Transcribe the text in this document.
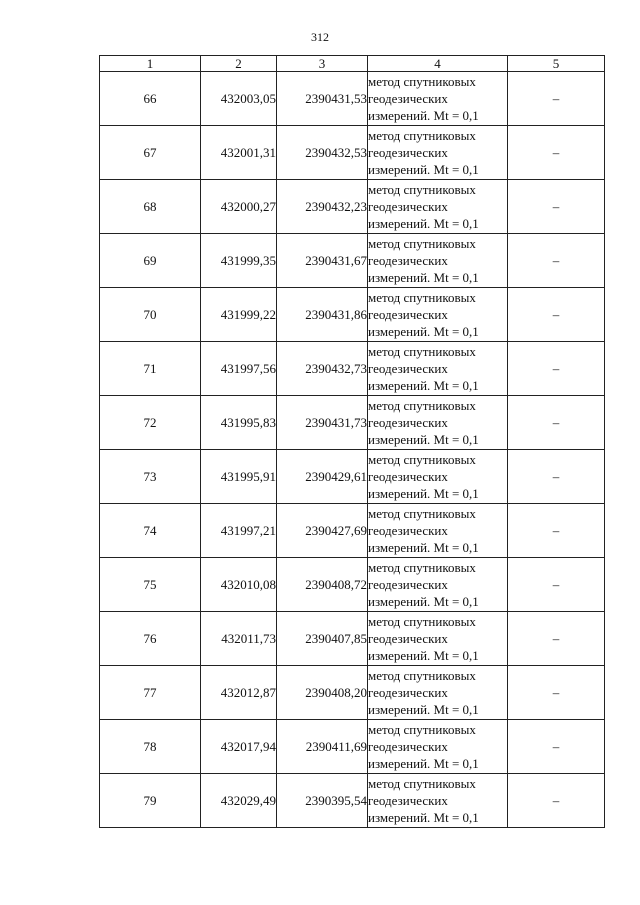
312
1	2	3	4	5
66	432003,05	2390431,53	метод спутниковых
геодезических
измерений. Mt = 0,1	–
67	432001,31	2390432,53	метод спутниковых
геодезических
измерений. Mt = 0,1	–
68	432000,27	2390432,23	метод спутниковых
геодезических
измерений. Mt = 0,1	–
69	431999,35	2390431,67	метод спутниковых
геодезических
измерений. Mt = 0,1	–
70	431999,22	2390431,86	метод спутниковых
геодезических
измерений. Mt = 0,1	–
71	431997,56	2390432,73	метод спутниковых
геодезических
измерений. Mt = 0,1	–
72	431995,83	2390431,73	метод спутниковых
геодезических
измерений. Mt = 0,1	–
73	431995,91	2390429,61	метод спутниковых
геодезических
измерений. Mt = 0,1	–
74	431997,21	2390427,69	метод спутниковых
геодезических
измерений. Mt = 0,1	–
75	432010,08	2390408,72	метод спутниковых
геодезических
измерений. Mt = 0,1	–
76	432011,73	2390407,85	метод спутниковых
геодезических
измерений. Mt = 0,1	–
77	432012,87	2390408,20	метод спутниковых
геодезических
измерений. Mt = 0,1	–
78	432017,94	2390411,69	метод спутниковых
геодезических
измерений. Mt = 0,1	–
79	432029,49	2390395,54	метод спутниковых
геодезических
измерений. Mt = 0,1	–
